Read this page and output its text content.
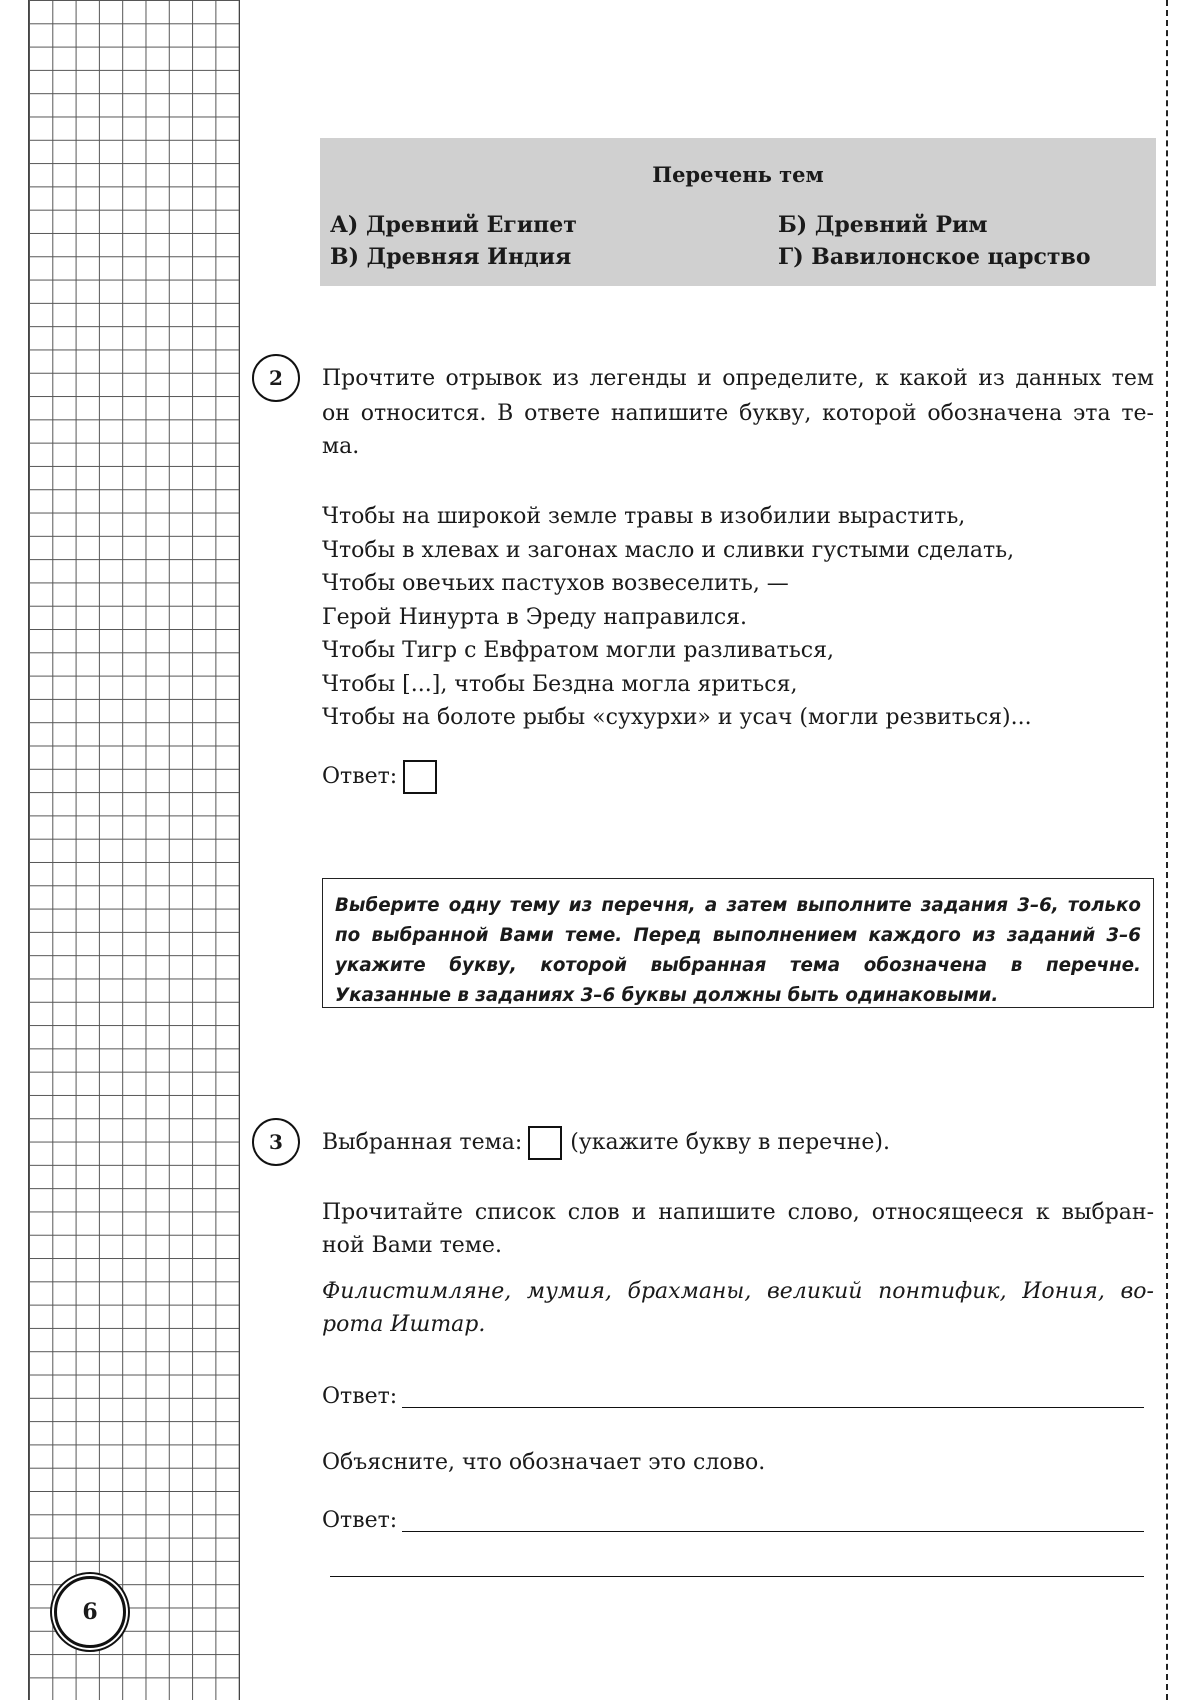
6
Перечень тем
А) Древний Египет	Б) Древний Рим
В) Древняя Индия	Г) Вавилонское царство
2	Прочтите отрывок из легенды и определите, к какой из данных тем
он относится. В ответе напишите букву, которой обозначена эта те-
ма.
Чтобы на широкой земле травы в изобилии вырастить,
Чтобы в хлевах и загонах масло и сливки густыми сделать,
Чтобы овечьих пастухов возвеселить, —
Герой Нинурта в Эреду направился.
Чтобы Тигр с Евфратом могли разливаться,
Чтобы [...], чтобы Бездна могла яриться,
Чтобы на болоте рыбы «сухурхи» и усач (могли резвиться)...
Ответ:
Выберите одну тему из перечня, а затем выполните задания 3–6, только по выбранной Вами теме. Перед выполнением каждого из заданий 3–6 укажите букву, которой выбранная тема обозначена в перечне. Указанные в заданиях 3–6 буквы должны быть одинаковыми.
3	Выбранная тема: (укажите букву в перечне).
Прочитайте список слов и напишите слово, относящееся к выбран-
ной Вами теме.
Филистимляне, мумия, брахманы, великий понтифик, Иония, во-
рота Иштар.
Ответ:
Объясните, что обозначает это слово.
Ответ:
